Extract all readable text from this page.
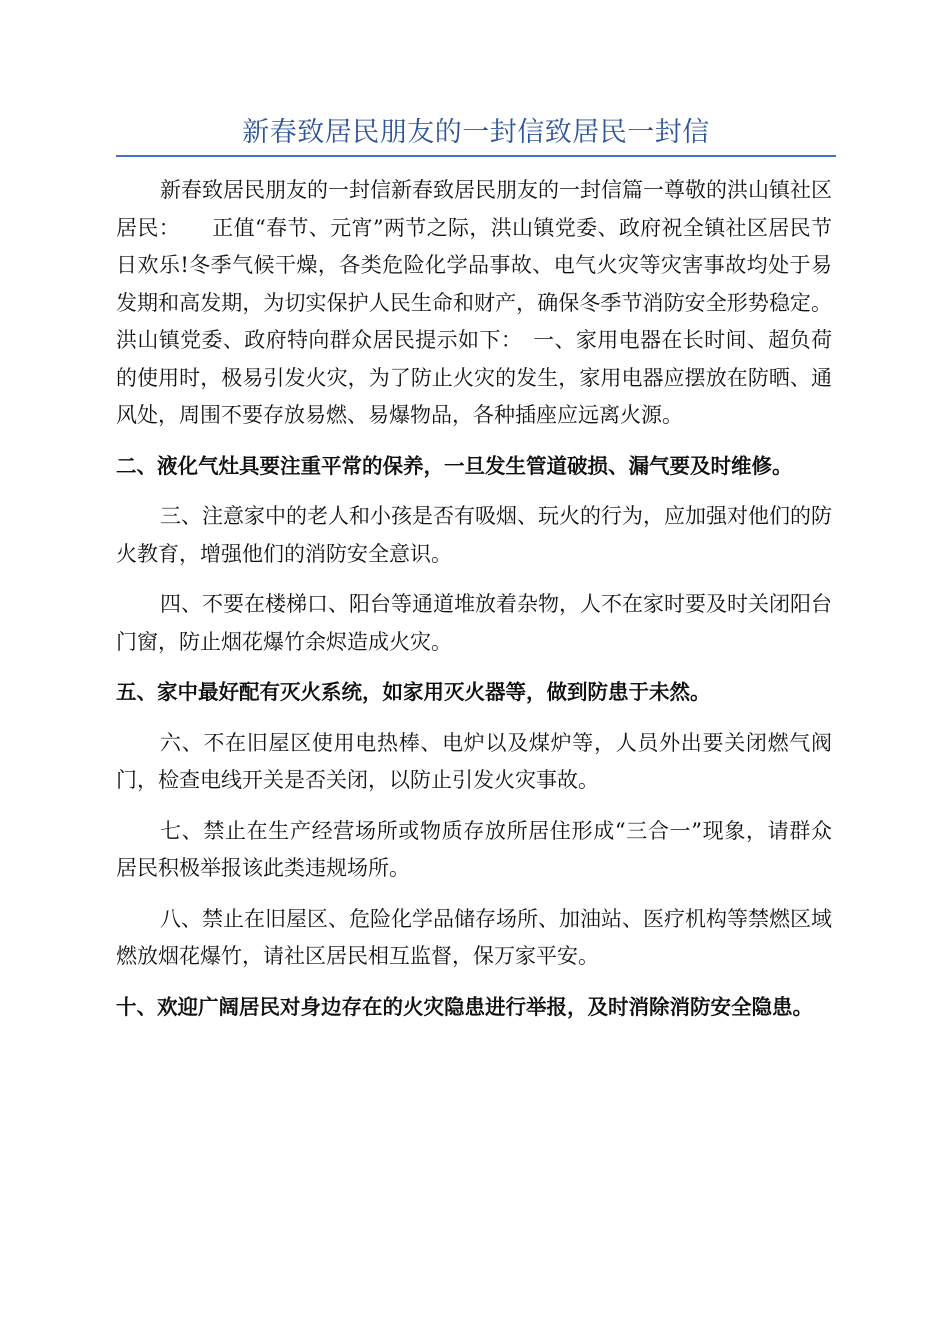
新春致居民朋友的一封信致居民一封信

新春致居民朋友的一封信新春致居民朋友的一封信篇一尊敬的洪山镇社区居民：　　正值“春节、元宵”两节之际，洪山镇党委、政府祝全镇社区居民节日欢乐!冬季气候干燥，各类危险化学品事故、电气火灾等灾害事故均处于易发期和高发期，为切实保护人民生命和财产，确保冬季节消防安全形势稳定。洪山镇党委、政府特向群众居民提示如下：　一、家用电器在长时间、超负荷的使用时，极易引发火灾，为了防止火灾的发生，家用电器应摆放在防晒、通风处，周围不要存放易燃、易爆物品，各种插座应远离火源。

二、液化气灶具要注重平常的保养，一旦发生管道破损、漏气要及时维修。

三、注意家中的老人和小孩是否有吸烟、玩火的行为，应加强对他们的防火教育，增强他们的消防安全意识。

四、不要在楼梯口、阳台等通道堆放着杂物，人不在家时要及时关闭阳台门窗，防止烟花爆竹余烬造成火灾。

五、家中最好配有灭火系统，如家用灭火器等，做到防患于未然。

六、不在旧屋区使用电热棒、电炉以及煤炉等，人员外出要关闭燃气阀门，检查电线开关是否关闭，以防止引发火灾事故。

七、禁止在生产经营场所或物质存放所居住形成“三合一”现象，请群众居民积极举报该此类违规场所。

八、禁止在旧屋区、危险化学品储存场所、加油站、医疗机构等禁燃区域燃放烟花爆竹，请社区居民相互监督，保万家平安。

十、欢迎广阔居民对身边存在的火灾隐患进行举报，及时消除消防安全隐患。
